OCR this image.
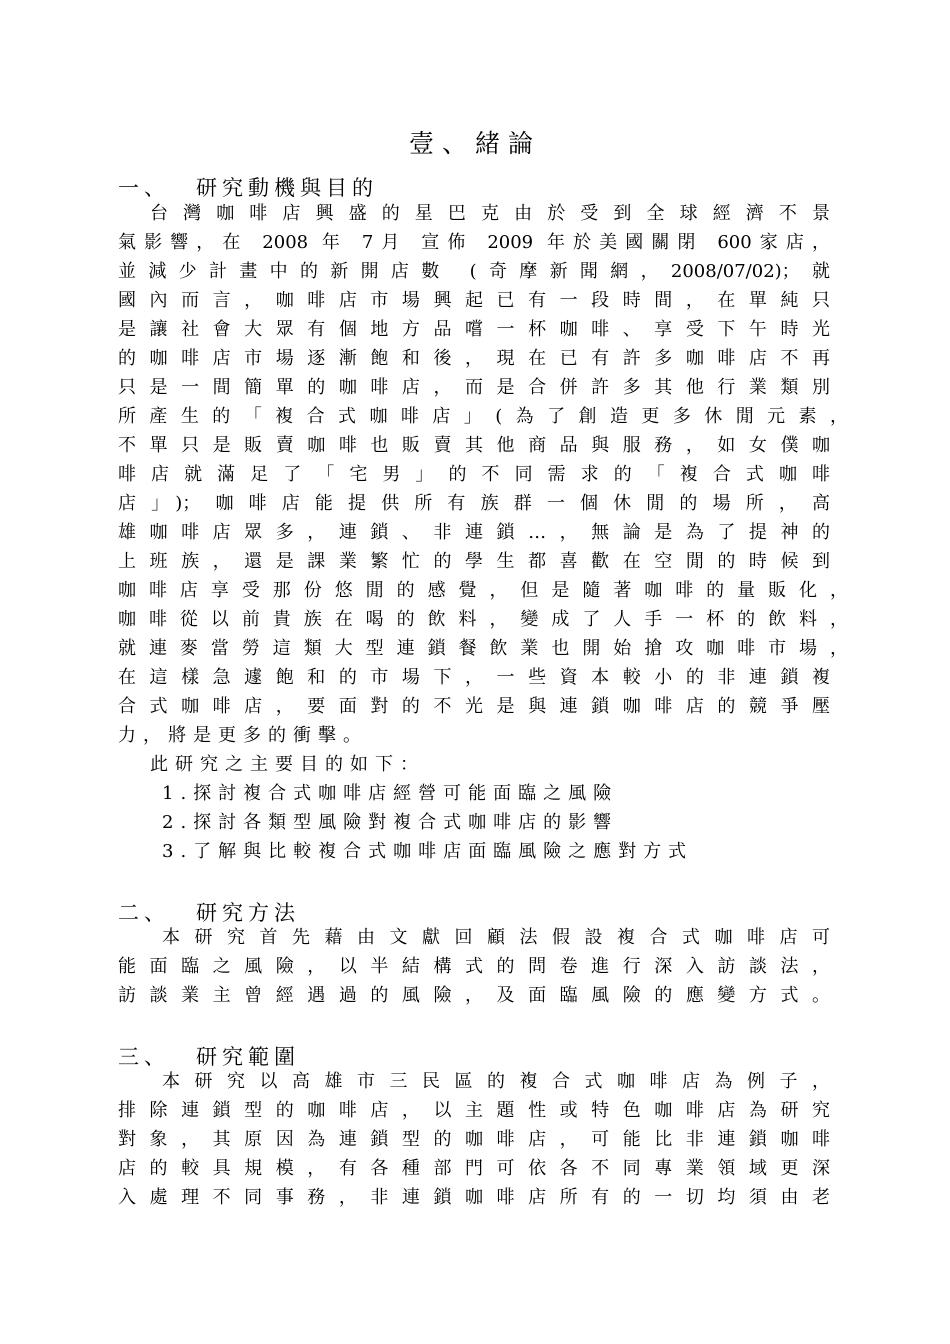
壹、緒論
一、 研究動機與目的
台灣咖啡店興盛的星巴克由於受到全球經濟不景
氣影響，在 2008 年 7月 宣佈 2009 年於美國關閉 600家店，
並減少計畫中的新開店數 (奇摩新聞網，2008/07/02)；就
國內而言，咖啡店市場興起已有一段時間，在單純只
是讓社會大眾有個地方品嚐一杯咖啡、享受下午時光
的咖啡店市場逐漸飽和後，現在已有許多咖啡店不再
只是一間簡單的咖啡店，而是合併許多其他行業類別
所產生的「複合式咖啡店」(為了創造更多休閒元素，
不單只是販賣咖啡也販賣其他商品與服務，如女僕咖
啡店就滿足了「宅男」的不同需求的「複合式咖啡
店」)；咖啡店能提供所有族群一個休閒的場所，高
雄咖啡店眾多，連鎖、非連鎖…，無論是為了提神的
上班族，還是課業繁忙的學生都喜歡在空閒的時候到
咖啡店享受那份悠閒的感覺，但是隨著咖啡的量販化，
咖啡從以前貴族在喝的飲料，變成了人手一杯的飲料，
就連麥當勞這類大型連鎖餐飲業也開始搶攻咖啡市場，
在這樣急遽飽和的市場下，一些資本較小的非連鎖複
合式咖啡店，要面對的不光是與連鎖咖啡店的競爭壓
力，將是更多的衝擊。
此研究之主要目的如下：
1.探討複合式咖啡店經營可能面臨之風險
2.探討各類型風險對複合式咖啡店的影響
3.了解與比較複合式咖啡店面臨風險之應對方式
二、 研究方法
本研究首先藉由文獻回顧法假設複合式咖啡店可
能面臨之風險，以半結構式的問卷進行深入訪談法，
訪談業主曾經遇過的風險，及面臨風險的應變方式。
三、 研究範圍
本研究以高雄市三民區的複合式咖啡店為例子，
排除連鎖型的咖啡店，以主題性或特色咖啡店為研究
對象，其原因為連鎖型的咖啡店，可能比非連鎖咖啡
店的較具規模，有各種部門可依各不同專業領域更深
入處理不同事務，非連鎖咖啡店所有的一切均須由老
